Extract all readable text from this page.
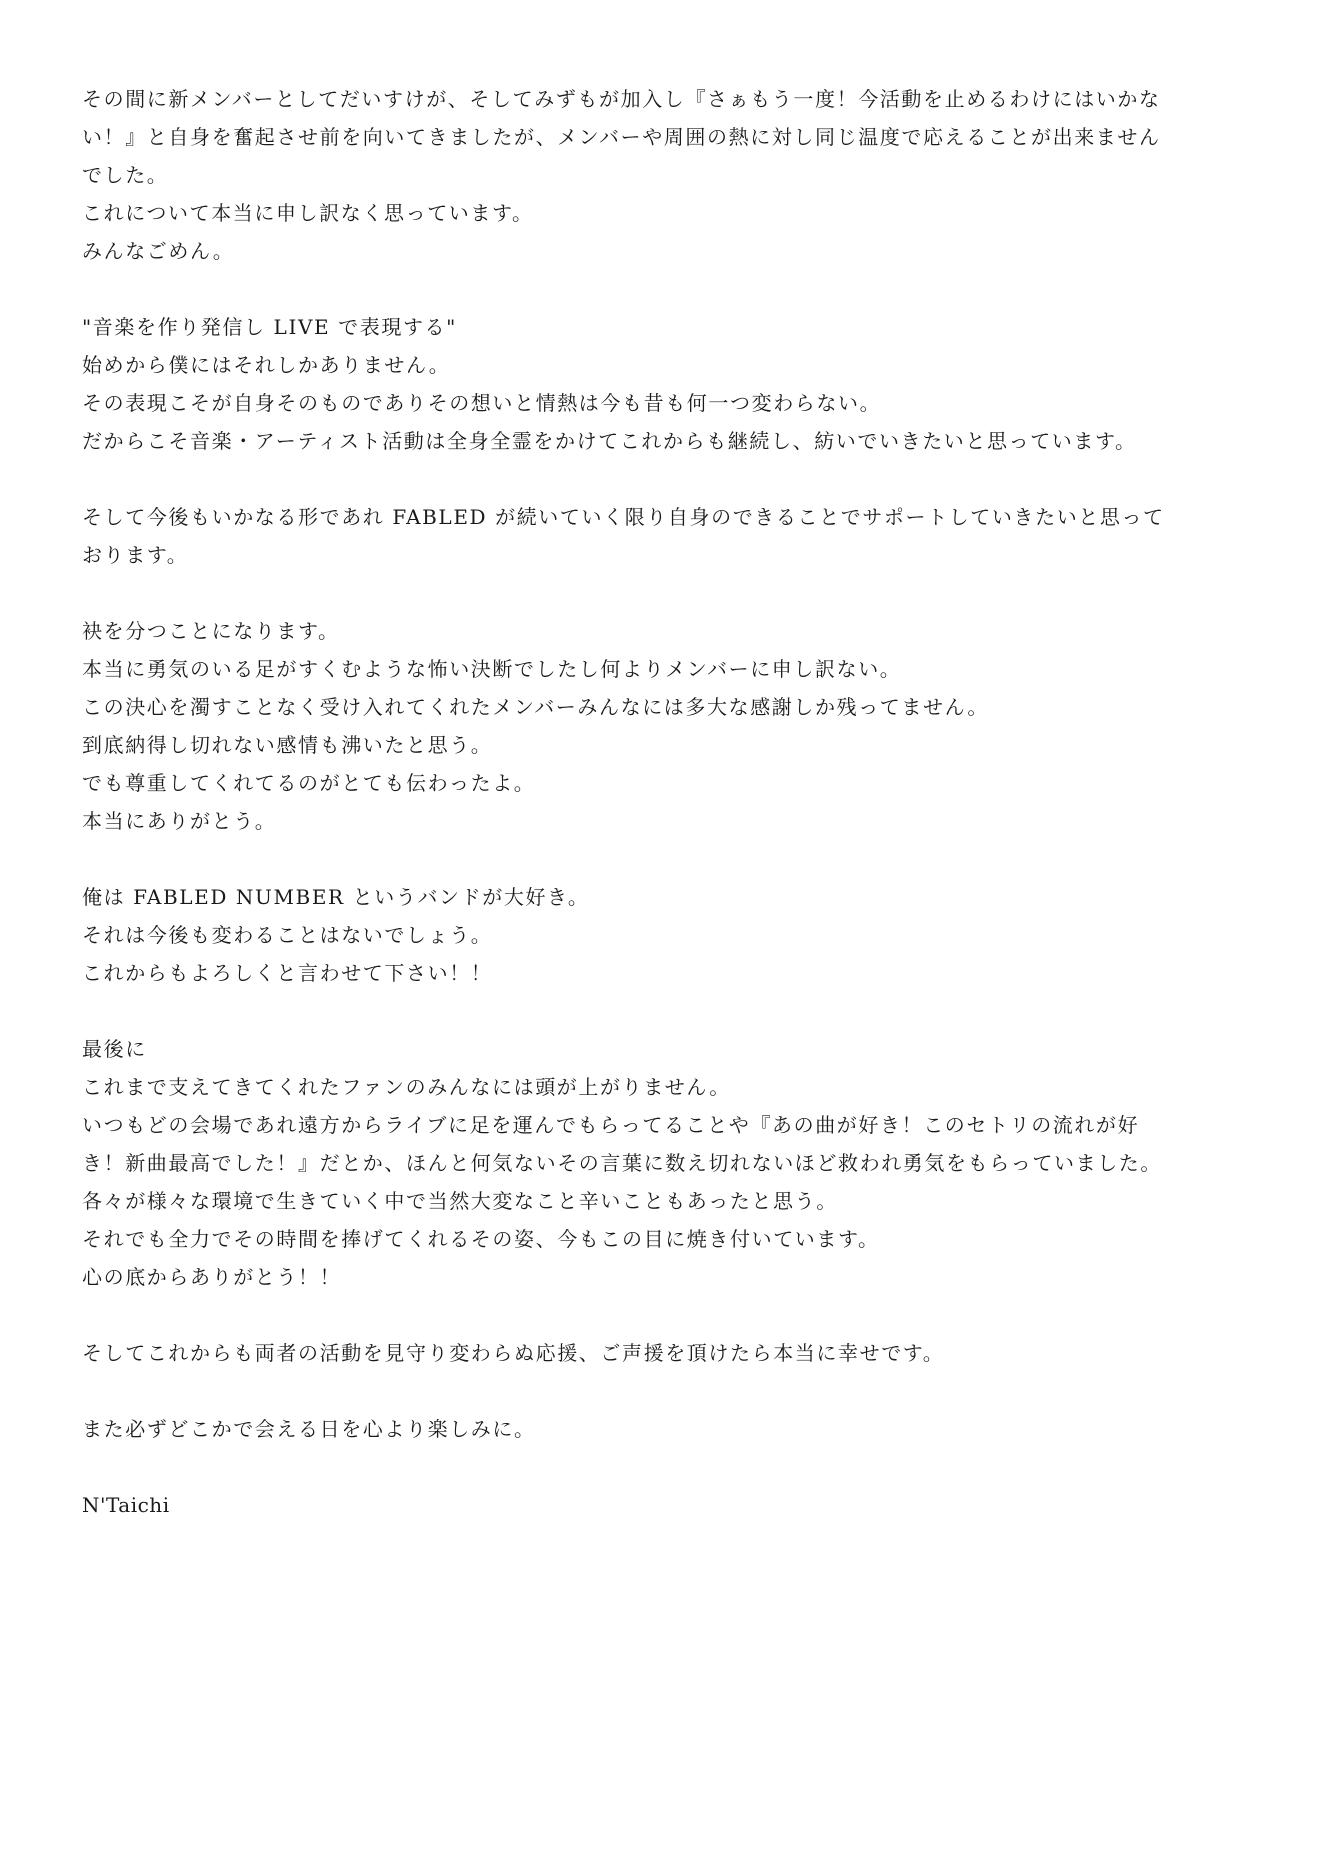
その間に新メンバーとしてだいすけが、そしてみずもが加入し『さぁもう一度！今活動を止めるわけにはいかな
い！』と自身を奮起させ前を向いてきましたが、メンバーや周囲の熱に対し同じ温度で応えることが出来ません
でした。
これについて本当に申し訳なく思っています。
みんなごめん。

"音楽を作り発信し LIVE で表現する"
始めから僕にはそれしかありません。
その表現こそが自身そのものでありその想いと情熱は今も昔も何一つ変わらない。
だからこそ音楽・アーティスト活動は全身全霊をかけてこれからも継続し、紡いでいきたいと思っています。

そして今後もいかなる形であれ FABLED が続いていく限り自身のできることでサポートしていきたいと思って
おります。

袂を分つことになります。
本当に勇気のいる足がすくむような怖い決断でしたし何よりメンバーに申し訳ない。
この決心を濁すことなく受け入れてくれたメンバーみんなには多大な感謝しか残ってません。
到底納得し切れない感情も沸いたと思う。
でも尊重してくれてるのがとても伝わったよ。
本当にありがとう。

俺は FABLED NUMBER というバンドが大好き。
それは今後も変わることはないでしょう。
これからもよろしくと言わせて下さい！！

最後に
これまで支えてきてくれたファンのみんなには頭が上がりません。
いつもどの会場であれ遠方からライブに足を運んでもらってることや『あの曲が好き！このセトリの流れが好
き！新曲最高でした！』だとか、ほんと何気ないその言葉に数え切れないほど救われ勇気をもらっていました。
各々が様々な環境で生きていく中で当然大変なこと辛いこともあったと思う。
それでも全力でその時間を捧げてくれるその姿、今もこの目に焼き付いています。
心の底からありがとう！！

そしてこれからも両者の活動を見守り変わらぬ応援、ご声援を頂けたら本当に幸せです。

また必ずどこかで会える日を心より楽しみに。

N'Taichi
